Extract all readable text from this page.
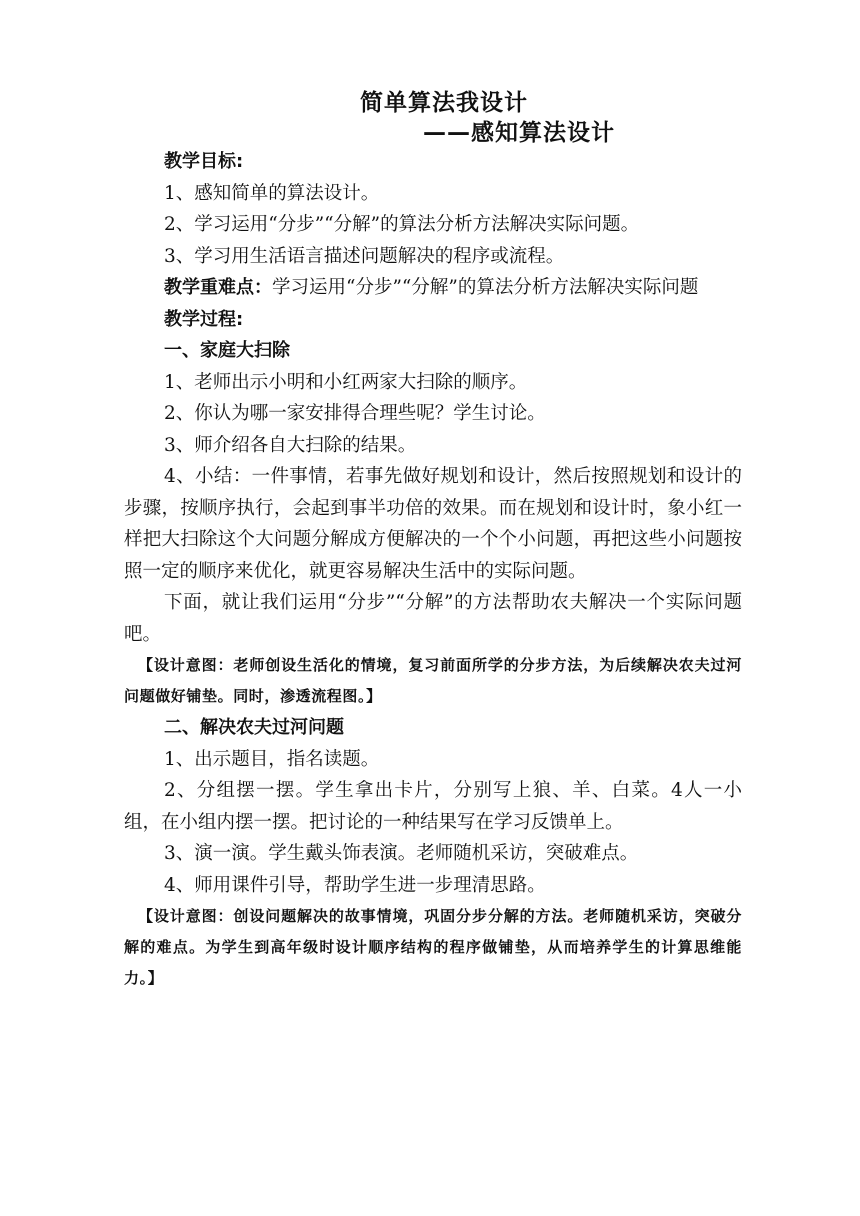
简单算法我设计
——感知算法设计

教学目标:

1、感知简单的算法设计。

2、学习运用“分步”“分解”的算法分析方法解决实际问题。

3、学习用生活语言描述问题解决的程序或流程。

教学重难点：学习运用“分步”“分解”的算法分析方法解决实际问题

教学过程:

一、家庭大扫除

1、老师出示小明和小红两家大扫除的顺序。

2、你认为哪一家安排得合理些呢？学生讨论。

3、师介绍各自大扫除的结果。

4、小结：一件事情，若事先做好规划和设计，然后按照规划和设计的步骤，按顺序执行，会起到事半功倍的效果。而在规划和设计时，象小红一样把大扫除这个大问题分解成方便解决的一个个小问题，再把这些小问题按照一定的顺序来优化，就更容易解决生活中的实际问题。

下面，就让我们运用“分步”“分解”的方法帮助农夫解决一个实际问题吧。

【设计意图：老师创设生活化的情境，复习前面所学的分步方法，为后续解决农夫过河问题做好铺垫。同时，渗透流程图。】

二、解决农夫过河问题

1、出示题目，指名读题。

2、分组摆一摆。学生拿出卡片，分别写上狼、羊、白菜。4人一小组，在小组内摆一摆。把讨论的一种结果写在学习反馈单上。

3、演一演。学生戴头饰表演。老师随机采访，突破难点。

4、师用课件引导，帮助学生进一步理清思路。

【设计意图：创设问题解决的故事情境，巩固分步分解的方法。老师随机采访，突破分解的难点。为学生到高年级时设计顺序结构的程序做铺垫，从而培养学生的计算思维能力。】
